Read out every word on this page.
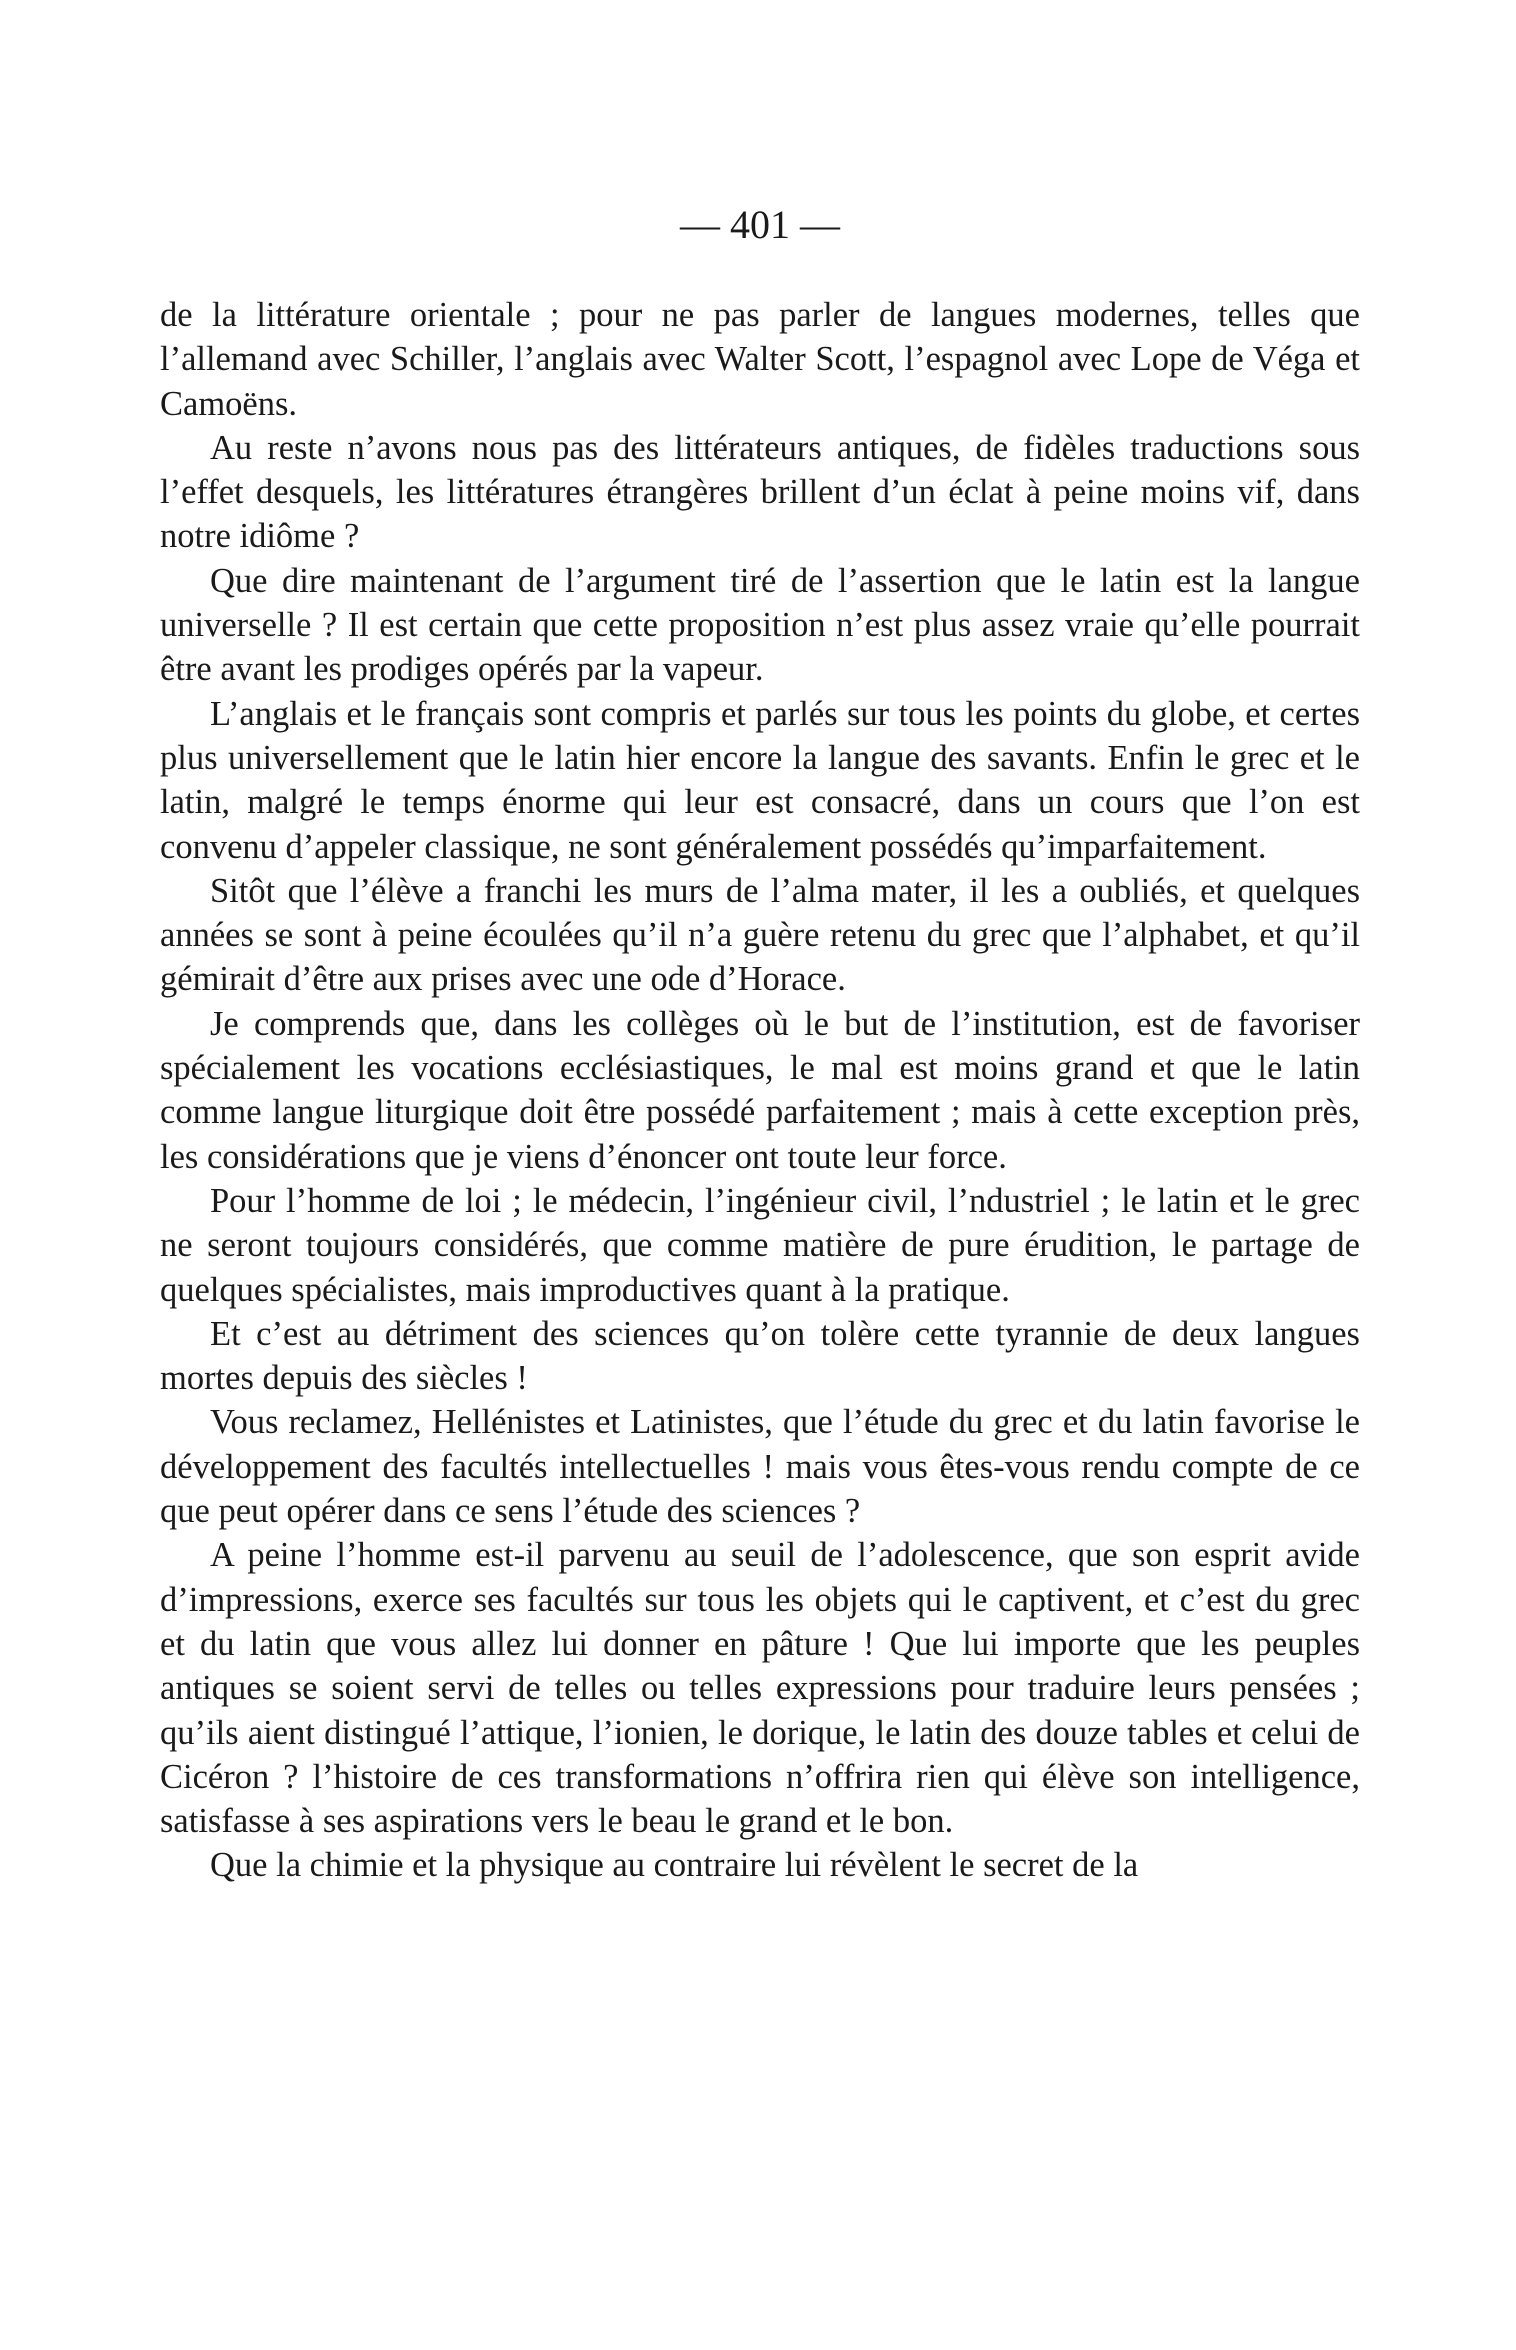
— 401 —

de la littérature orientale ; pour ne pas parler de langues modernes, telles que l’allemand avec Schiller, l’anglais avec Walter Scott, l’espagnol avec Lope de Véga et Camoëns.

Au reste n’avons nous pas des littérateurs antiques, de fidèles traductions sous l’effet desquels, les littératures étrangères brillent d’un éclat à peine moins vif, dans notre idiôme ?

Que dire maintenant de l’argument tiré de l’assertion que le latin est la langue universelle ? Il est certain que cette proposition n’est plus assez vraie qu’elle pourrait être avant les prodiges opérés par la vapeur.

L’anglais et le français sont compris et parlés sur tous les points du globe, et certes plus universellement que le latin hier encore la langue des savants. Enfin le grec et le latin, malgré le temps énorme qui leur est consacré, dans un cours que l’on est convenu d’appeler classique, ne sont généralement possédés qu’imparfaitement.

Sitôt que l’élève a franchi les murs de l’alma mater, il les a oubliés, et quelques années se sont à peine écoulées qu’il n’a guère retenu du grec que l’alphabet, et qu’il gémirait d’être aux prises avec une ode d’Horace.

Je comprends que, dans les collèges où le but de l’institution, est de favoriser spécialement les vocations ecclésiastiques, le mal est moins grand et que le latin comme langue liturgique doit être possédé parfaitement ; mais à cette exception près, les considérations que je viens d’énoncer ont toute leur force.

Pour l’homme de loi ; le médecin, l’ingénieur civil, l’ndustriel ; le latin et le grec ne seront toujours considérés, que comme matière de pure érudition, le partage de quelques spécialistes, mais improductives quant à la pratique.

Et c’est au détriment des sciences qu’on tolère cette tyrannie de deux langues mortes depuis des siècles !

Vous reclamez, Hellénistes et Latinistes, que l’étude du grec et du latin favorise le développement des facultés intellectuelles ! mais vous êtes-vous rendu compte de ce que peut opérer dans ce sens l’étude des sciences ?

A peine l’homme est-il parvenu au seuil de l’adolescence, que son esprit avide d’impressions, exerce ses facultés sur tous les objets qui le captivent, et c’est du grec et du latin que vous allez lui donner en pâture ! Que lui importe que les peuples antiques se soient servi de telles ou telles expressions pour traduire leurs pensées ; qu’ils aient distingué l’attique, l’ionien, le dorique, le latin des douze tables et celui de Cicéron ? l’histoire de ces transformations n’offrira rien qui élève son intelligence, satisfasse à ses aspirations vers le beau le grand et le bon.

Que la chimie et la physique au contraire lui révèlent le secret de la
